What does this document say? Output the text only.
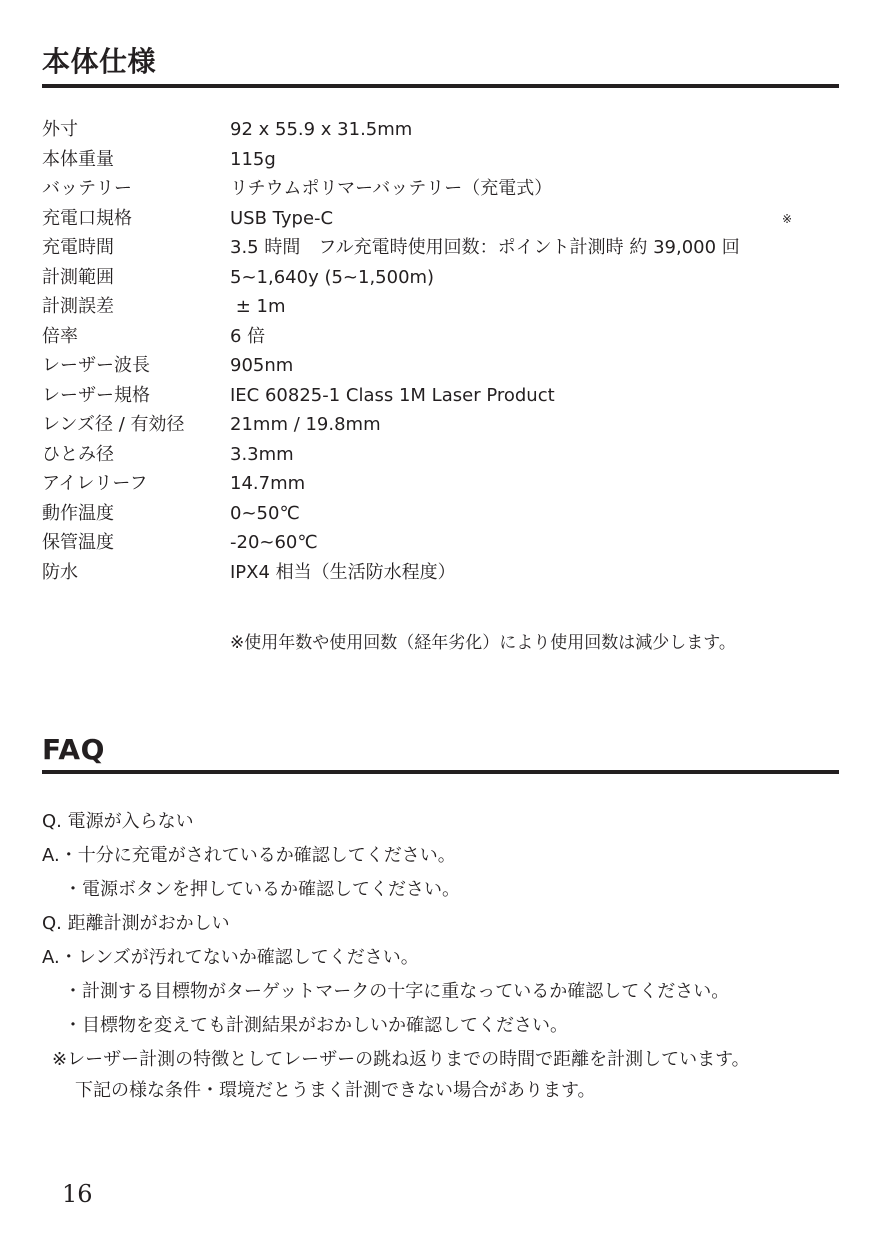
本体仕様
外寸	92 x 55.9 x 31.5mm
本体重量	115g
バッテリー	リチウムポリマーバッテリー（充電式）
充電口規格	USB Type-C
充電時間	3.5 時間　フル充電時使用回数：ポイント計測時 約 39,000 回
※
計測範囲	5~1,640y (5~1,500m)
計測誤差	± 1m
倍率	6 倍
レーザー波長	905nm
レーザー規格	IEC 60825-1 Class 1M Laser Product
レンズ径 / 有効径	21mm / 19.8mm
ひとみ径	3.3mm
アイレリーフ	14.7mm
動作温度	0~50℃
保管温度	-20~60℃
防水	IPX4 相当（生活防水程度）
※使用年数や使用回数（経年劣化）により使用回数は減少します。
FAQ
Q. 電源が入らない
A.・十分に充電がされているか確認してください。
・電源ボタンを押しているか確認してください。
Q. 距離計測がおかしい
A.・レンズが汚れてないか確認してください。
・計測する目標物がターゲットマークの十字に重なっているか確認してください。
・目標物を変えても計測結果がおかしいか確認してください。
※レーザー計測の特徴としてレーザーの跳ね返りまでの時間で距離を計測しています。
下記の様な条件・環境だとうまく計測できない場合があります。
16
